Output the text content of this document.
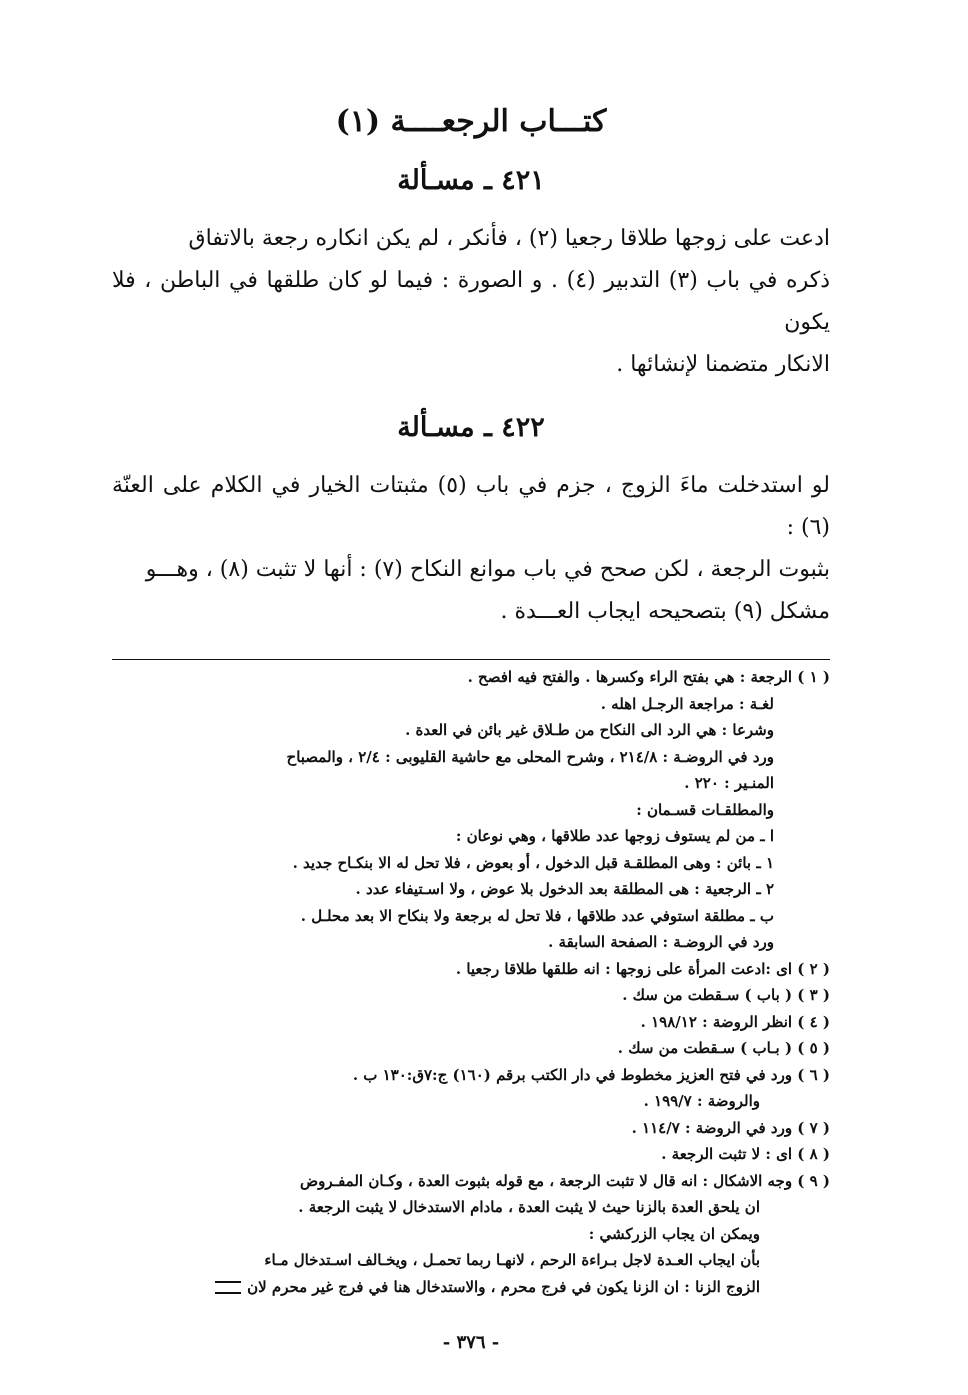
كتـــاب الرجعــــة (١)
٤٢١ ـ مسـألة
ادعت على زوجها طلاقا رجعيا (٢) ، فأنكر ، لم يكن انكاره رجعة بالاتفاق
ذكره في باب (٣) التدبير (٤) . و الصورة : فيما لو كان طلقها في الباطن ، فلا يكون
الانكار متضمنا لإنشائها .
٤٢٢ ـ مسـألة
لو استدخلت ماءَ الزوج ، جزم في باب (٥) مثبتات الخيار في الكلام على العنّة (٦) :
بثبوت الرجعة ، لكن صحح في باب موانع النكاح (٧) : أنها لا تثبت (٨) ، وهـــو
مشكل (٩) بتصحيحه ايجاب العـــدة .
( ١ ) الرجعة : هي بفتح الراء وكسرها . والفتح فيه افصح .
لغـة : مراجعة الرجـل اهله .
وشرعا : هي الرد الى النكاح من طـلاق غير بائن في العدة .
ورد في الروضـة : ٢١٤/٨ ، وشرح المحلى مع حاشية القليوبى : ٢/٤ ، والمصباح
المنـير : ٢٢٠ .
والمطلقـات قسـمان :
ا ـ من لم يستوف زوجها عدد طلاقها ، وهي نوعان :
١ ـ بائن : وهى المطلقـة قبل الدخول ، أو بعوض ، فلا تحل له الا بنكـاح جديد .
٢ ـ الرجعية : هى المطلقة بعد الدخول بلا عوض ، ولا اسـتيفاء عدد .
ب ـ مطلقة استوفي عدد طلاقها ، فلا تحل له برجعة ولا بنكاح الا بعد محلـل .
ورد في الروضـة : الصفحة السابقة .
( ٢ ) اى :ادعت المرأة على زوجها : انه طلقها طلاقا رجعيا .
( ٣ ) ( باب ) سـقطت من سك .
( ٤ ) انظر الروضة : ١٩٨/١٢ .
( ٥ ) ( بـاب ) سـقطت من سك .
( ٦ ) ورد في فتح العزيز مخطوط في دار الكتب برقم (١٦٠) ج:٧ق:١٣٠ ب .
والروضة : ١٩٩/٧ .
( ٧ ) ورد في الروضة : ١١٤/٧ .
( ٨ ) اى : لا تثبت الرجعة .
( ٩ ) وجه الاشكال : انه قال لا تثبت الرجعة ، مع قوله بثبوت العدة ، وكـان المفـروض
ان يلحق العدة بالزنا حيث لا يثبت العدة ، مادام الاستدخال لا يثبت الرجعة .
ويمكن ان يجاب الزركشي :
بأن ايجاب العـدة لاجل بـراءة الرحم ، لانهـا ربما تحمـل ، ويخـالف اسـتدخال مـاء
الزوج الزنا : ان الزنا يكون في فرج محرم ، والاستدخال هنا في فرج غير محرم لان
- ٣٧٦ -
